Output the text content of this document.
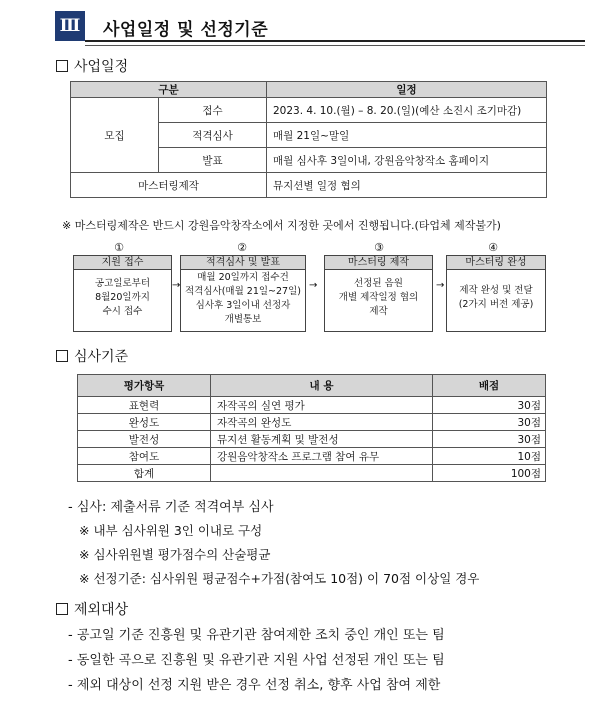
Ⅲ 사업일정 및 선정기준
사업일정
구분		일정
모집	접수	2023. 4. 10.(월) – 8. 20.(일)(예산 소진시 조기마감)
	적격심사	매월 21일~말일
	발표	매월 심사후 3일이내, 강원음악창작소 홈페이지
마스터링제작		뮤지션별 일정 협의
※ 마스터링제작은 반드시 강원음악창작소에서 지정한 곳에서 진행됩니다.(타업체 제작불가)
①	②	③	④
지원 접수
공고일로부터
8월20일까지
수시 접수
→
적격심사 및 발표
매월 20일까지 접수건
적격심사(매월 21일~27일)
심사후 3일이내 선정자
개별통보
→
마스터링 제작
선정된 음원
개별 제작일정 협의
제작
→
마스터링 완성
제작 완성 및 전달
(2가지 버전 제공)
심사기준
평가항목	내 용	배점
표현력	자작곡의 실연 평가	30점
완성도	자작곡의 완성도	30점
발전성	뮤지션 활동계획 및 발전성	30점
참여도	강원음악창작소 프로그램 참여 유무	10점
합계		100점
- 심사: 제출서류 기준 적격여부 심사
※ 내부 심사위원 3인 이내로 구성
※ 심사위원별 평가점수의 산술평균
※ 선정기준: 심사위원 평균점수+가점(참여도 10점) 이 70점 이상일 경우
제외대상
- 공고일 기준 진흥원 및 유관기관 참여제한 조치 중인 개인 또는 팀
- 동일한 곡으로 진흥원 및 유관기관 지원 사업 선정된 개인 또는 팀
- 제외 대상이 선정 지원 받은 경우 선정 취소, 향후 사업 참여 제한
